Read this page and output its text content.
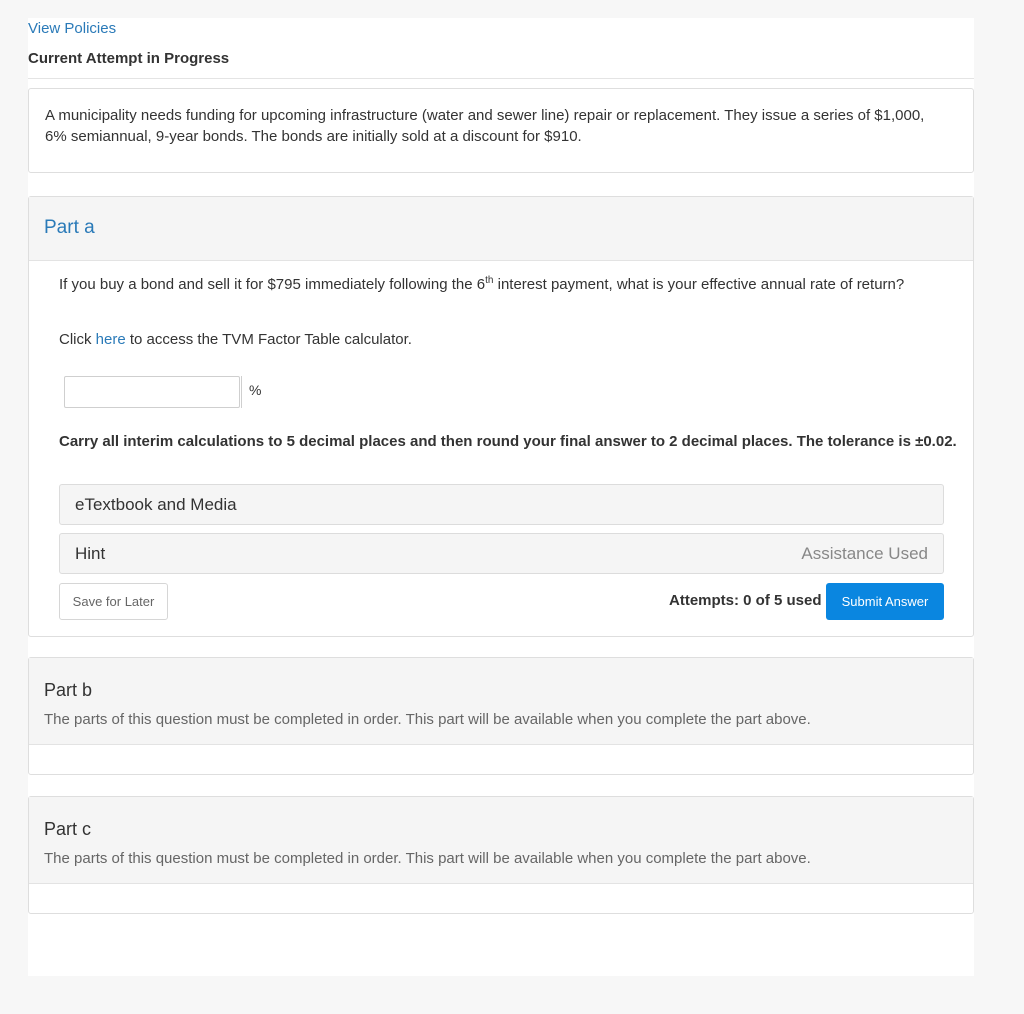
View Policies
Current Attempt in Progress
A municipality needs funding for upcoming infrastructure (water and sewer line) repair or replacement. They issue a series of $1,000,
6% semiannual, 9-year bonds. The bonds are initially sold at a discount for $910.
Part a
If you buy a bond and sell it for $795 immediately following the 6th interest payment, what is your effective annual rate of return?
Click here to access the TVM Factor Table calculator.
%
Carry all interim calculations to 5 decimal places and then round your final answer to 2 decimal places. The tolerance is ±0.02.
eTextbook and Media
Hint	Assistance Used
Save for Later	Attempts: 0 of 5 used	Submit Answer
Part b
The parts of this question must be completed in order. This part will be available when you complete the part above.
Part c
The parts of this question must be completed in order. This part will be available when you complete the part above.
